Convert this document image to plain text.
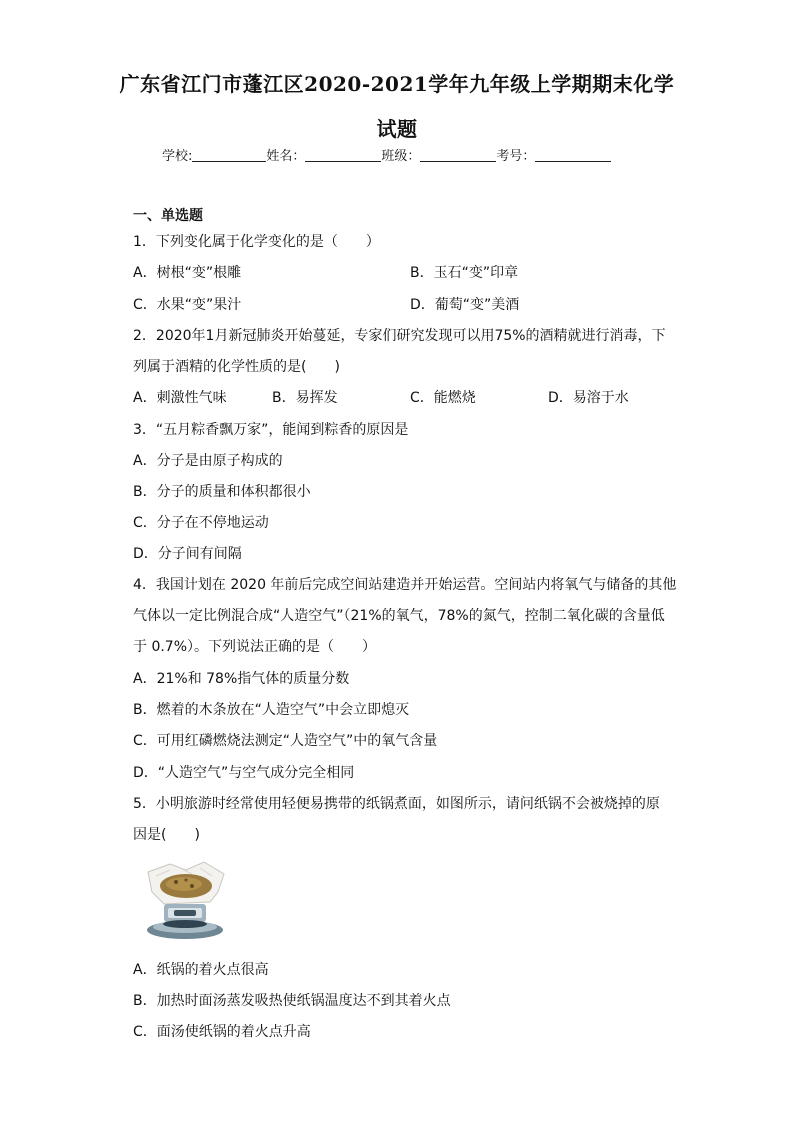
广东省江门市蓬江区2020-2021学年九年级上学期期末化学
试题
学校:	姓名：	班级：	考号：
一、单选题
1．下列变化属于化学变化的是（　　）
A．树根“变”根雕	B．玉石“变”印章
C．水果“变”果汁	D．葡萄“变”美酒
2．2020年1月新冠肺炎开始蔓延，专家们研究发现可以用75%的酒精就进行消毒，下
列属于酒精的化学性质的是(　　)
A．刺激性气味	B．易挥发	C．能燃烧	D．易溶于水
3．“五月粽香飘万家”，能闻到粽香的原因是
A．分子是由原子构成的
B．分子的质量和体积都很小
C．分子在不停地运动
D．分子间有间隔
4．我国计划在 2020 年前后完成空间站建造并开始运营。空间站内将氧气与储备的其他
气体以一定比例混合成“人造空气”（21%的氧气，78%的氮气，控制二氧化碳的含量低
于 0.7%）。下列说法正确的是（　　）
A．21%和 78%指气体的质量分数
B．燃着的木条放在“人造空气”中会立即熄灭
C．可用红磷燃烧法测定“人造空气”中的氧气含量
D．“人造空气”与空气成分完全相同
5．小明旅游时经常使用轻便易携带的纸锅煮面，如图所示，请问纸锅不会被烧掉的原
因是(　　)
A．纸锅的着火点很高
B．加热时面汤蒸发吸热使纸锅温度达不到其着火点
C．面汤使纸锅的着火点升高
